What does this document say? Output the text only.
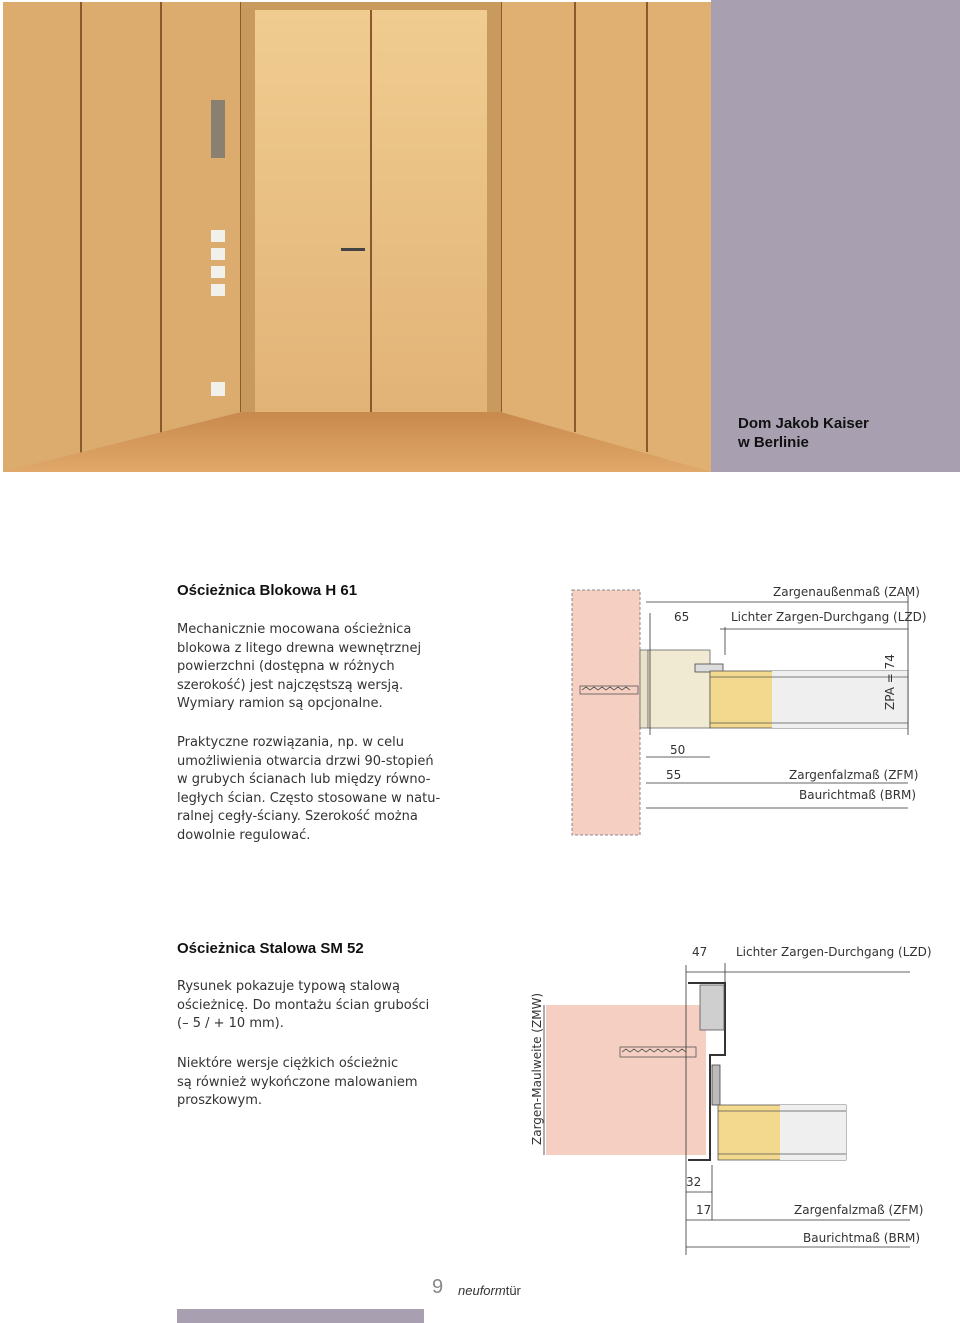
Dom Jakob Kaiser
w Berlinie
Ościeżnica Blokowa H 61
Mechanicznie mocowana ościeżnica
blokowa z litego drewna wewnętrznej
powierzchni (dostępna w różnych
szerokość) jest najczęstszą wersją.
Wymiary ramion są opcjonalne.
Praktyczne rozwiązania, np. w celu
umożliwienia otwarcia drzwi 90-stopień
w grubych ścianach lub między równo-
ległych ścian. Często stosowane w natu-
ralnej cegły-ściany. Szerokość można
dowolnie regulować.
Zargenaußenmaß (ZAM)
65	Lichter Zargen-Durchgang (LZD)
ZPA = 74
50
55	Zargenfalzmaß (ZFM)
Baurichtmaß (BRM)
Ościeżnica Stalowa SM 52
Rysunek pokazuje typową stalową
ościeżnicę. Do montażu ścian grubości
(– 5 / + 10 mm).
Niektóre wersje ciężkich ościeżnic
są również wykończone malowaniem
proszkowym.
47 Lichter Zargen-Durchgang (LZD)
Zargen-Maulweite (ZMW)
32
17	Zargenfalzmaß (ZFM)
Baurichtmaß (BRM)
9 neuformtür
